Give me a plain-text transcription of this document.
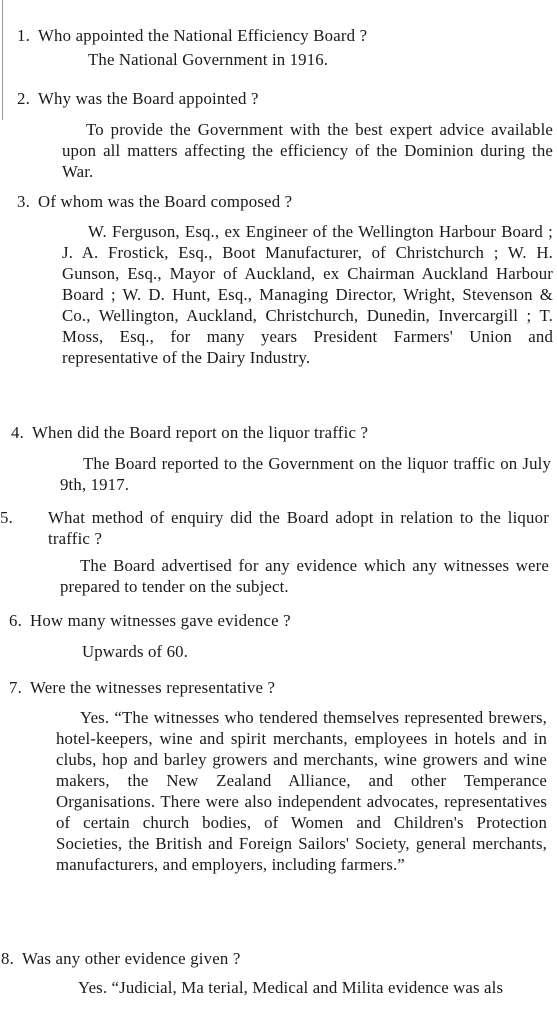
1. Who appointed the National Efficiency Board ?
The National Government in 1916.
2. Why was the Board appointed ?
To provide the Government with the best expert advice available upon all matters affecting the efficiency of the Dominion during the War.
3. Of whom was the Board composed ?
W. Ferguson, Esq., ex Engineer of the Wellington Harbour Board ; J. A. Frostick, Esq., Boot Manufacturer, of Christchurch ; W. H. Gunson, Esq., Mayor of Auckland, ex Chairman Auckland Harbour Board ; W. D. Hunt, Esq., Managing Director, Wright, Stevenson & Co., Wellington, Auckland, Christchurch, Dunedin, Invercargill ; T. Moss, Esq., for many years President Farmers' Union and representative of the Dairy Industry.
4. When did the Board report on the liquor traffic ?
The Board reported to the Government on the liquor traffic on July 9th, 1917.
5.	What method of enquiry did the Board adopt in relation to the liquor traffic ?
The Board advertised for any evidence which any witnesses were prepared to tender on the subject.
6. How many witnesses gave evidence ?
Upwards of 60.
7. Were the witnesses representative ?
Yes. “The witnesses who tendered themselves represented brewers, hotel-keepers, wine and spirit merchants, employees in hotels and in clubs, hop and barley growers and merchants, wine growers and wine makers, the New Zealand Alliance, and other Temperance Organisations. There were also independent advocates, representatives of certain church bodies, of Women and Children's Protection Societies, the British and Foreign Sailors' Society, general merchants, manufacturers, and employers, including farmers.”
8. Was any other evidence given ?
Yes. “Judicial, Ma terial, Medical and Milita evidence was als
